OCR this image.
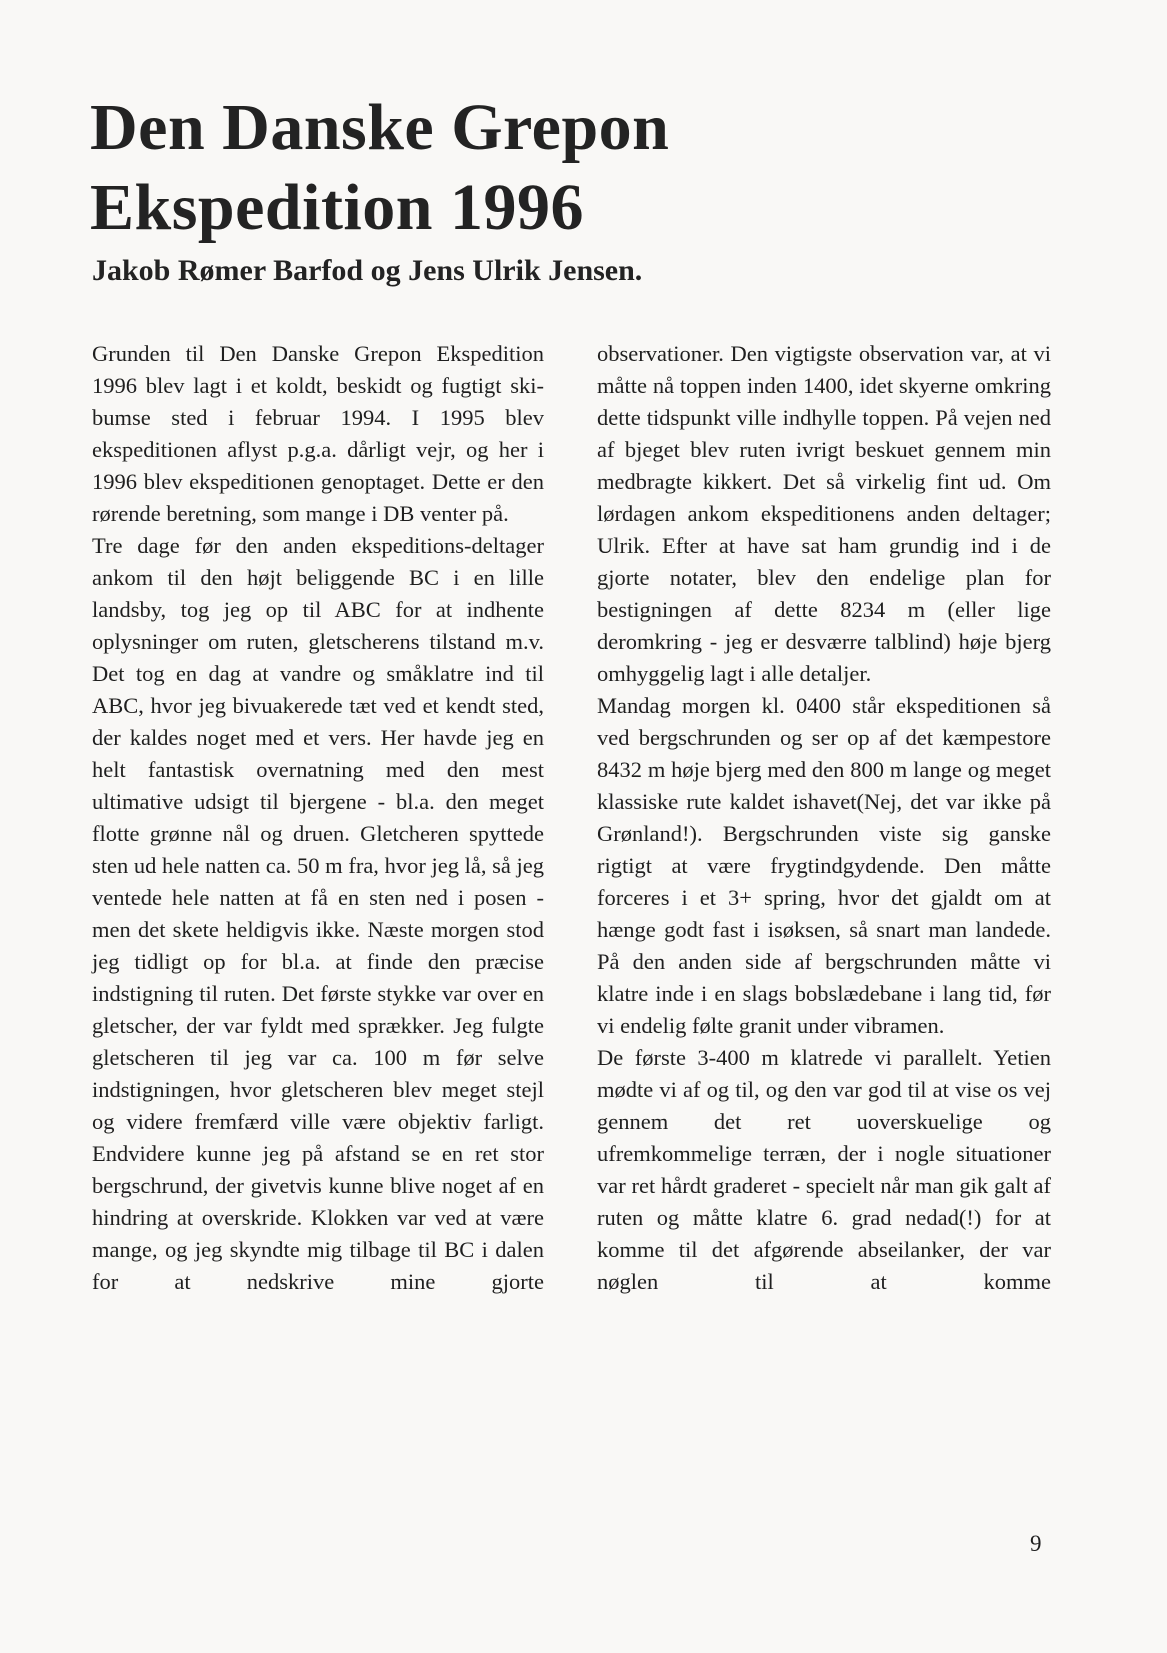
Den Danske Grepon
Ekspedition 1996
Jakob Rømer Barfod og Jens Ulrik Jensen.

Grunden til Den Danske Grepon Ekspedition 1996 blev lagt i et koldt, beskidt og fugtigt ski-bumse sted i februar 1994. I 1995 blev ekspeditionen aflyst p.g.a. dårligt vejr, og her i 1996 blev ekspeditionen genoptaget. Dette er den rørende beretning, som mange i DB venter på.

Tre dage før den anden ekspeditions-deltager ankom til den højt beliggende BC i en lille landsby, tog jeg op til ABC for at indhente oplysninger om ruten, gletscherens tilstand m.v. Det tog en dag at vandre og småklatre ind til ABC, hvor jeg bivuakerede tæt ved et kendt sted, der kaldes noget med et vers. Her havde jeg en helt fantastisk overnatning med den mest ultimative udsigt til bjergene - bl.a. den meget flotte grønne nål og druen. Gletcheren spyttede sten ud hele natten ca. 50 m fra, hvor jeg lå, så jeg ventede hele natten at få en sten ned i posen - men det skete heldigvis ikke. Næste morgen stod jeg tidligt op for bl.a. at finde den præcise indstigning til ruten. Det første stykke var over en gletscher, der var fyldt med sprækker. Jeg fulgte gletscheren til jeg var ca. 100 m før selve indstigningen, hvor gletscheren blev meget stejl og videre fremfærd ville være objektiv farligt. Endvidere kunne jeg på afstand se en ret stor bergschrund, der givetvis kunne blive noget af en hindring at overskride. Klokken var ved at være mange, og jeg skyndte mig tilbage til BC i dalen for at nedskrive mine gjorte

observationer. Den vigtigste observation var, at vi måtte nå toppen inden 1400, idet skyerne omkring dette tidspunkt ville indhylle toppen. På vejen ned af bjeget blev ruten ivrigt beskuet gennem min medbragte kikkert. Det så virkelig fint ud. Om lørdagen ankom ekspeditionens anden deltager; Ulrik. Efter at have sat ham grundig ind i de gjorte notater, blev den endelige plan for bestigningen af dette 8234 m (eller lige deromkring - jeg er desværre talblind) høje bjerg omhyggelig lagt i alle detaljer.

Mandag morgen kl. 0400 står ekspeditionen så ved bergschrunden og ser op af det kæmpestore 8432 m høje bjerg med den 800 m lange og meget klassiske rute kaldet ishavet(Nej, det var ikke på Grønland!). Bergschrunden viste sig ganske rigtigt at være frygtindgydende. Den måtte forceres i et 3+ spring, hvor det gjaldt om at hænge godt fast i isøksen, så snart man landede. På den anden side af bergschrunden måtte vi klatre inde i en slags bobslædebane i lang tid, før vi endelig følte granit under vibramen.

De første 3-400 m klatrede vi parallelt. Yetien mødte vi af og til, og den var god til at vise os vej gennem det ret uoverskuelige og ufremkommelige terræn, der i nogle situationer var ret hårdt graderet - specielt når man gik galt af ruten og måtte klatre 6. grad nedad(!) for at komme til det afgørende abseilanker, der var nøglen til at komme

9
